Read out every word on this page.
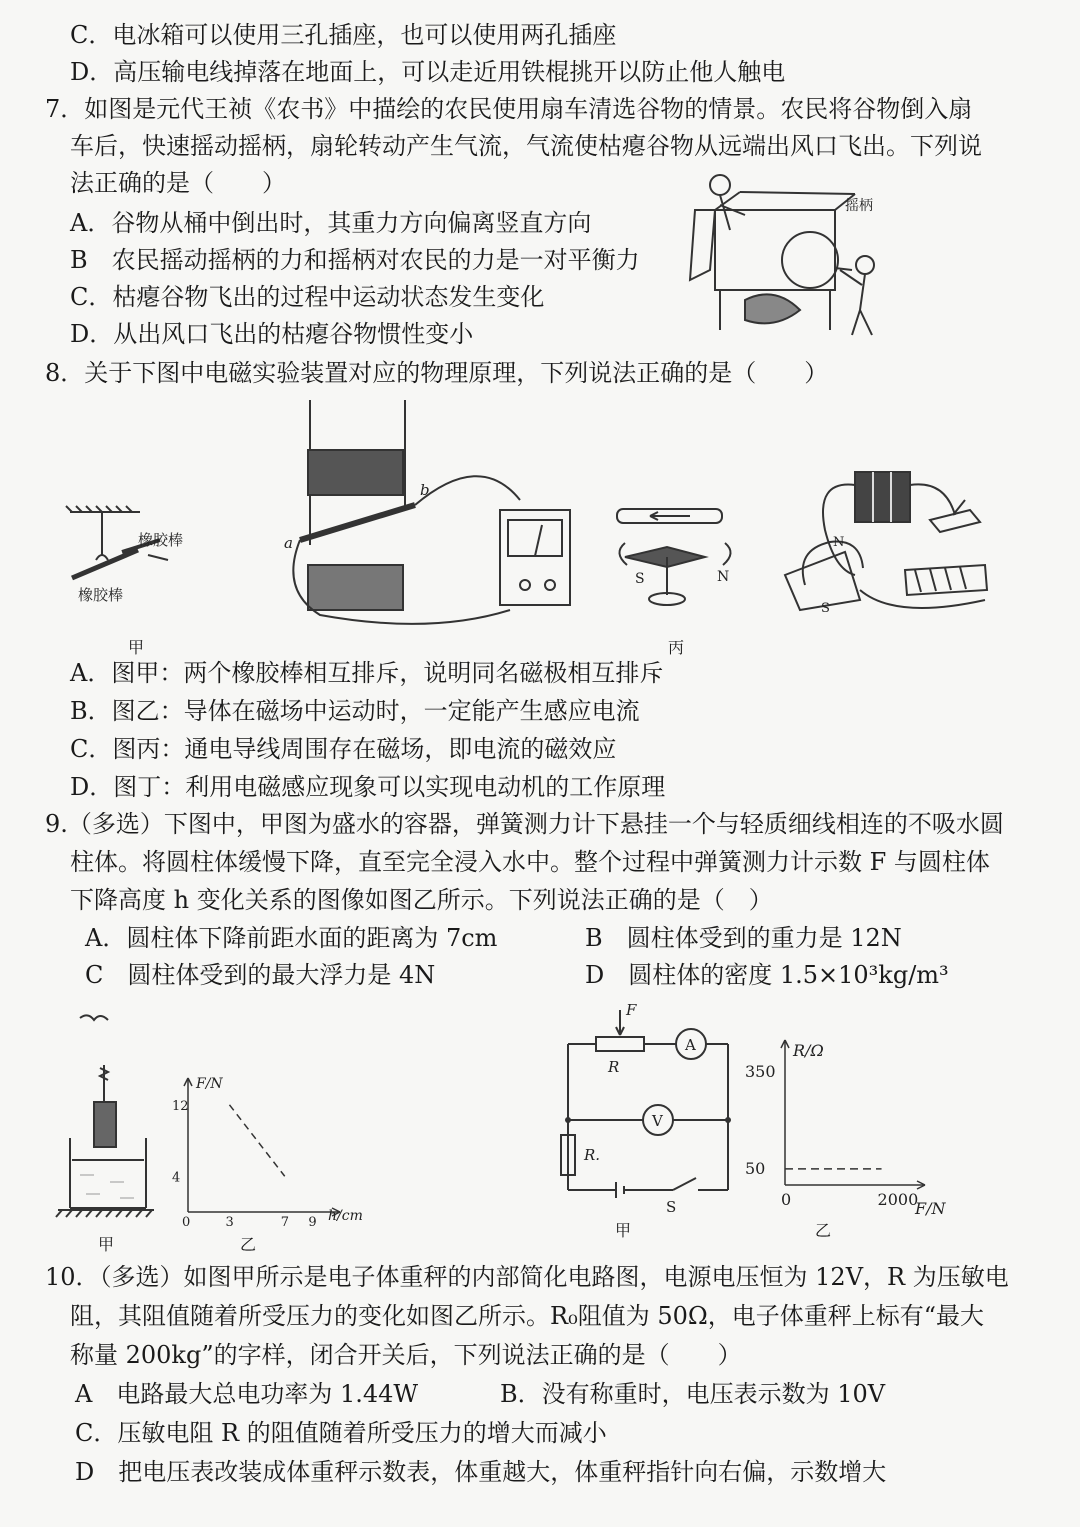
C．电冰箱可以使用三孔插座，也可以使用两孔插座
D．高压输电线掉落在地面上，可以走近用铁棍挑开以防止他人触电
7．如图是元代王祯《农书》中描绘的农民使用扇车清选谷物的情景。农民将谷物倒入扇
车后，快速摇动摇柄，扇轮转动产生气流，气流使枯瘪谷物从远端出风口飞出。下列说
法正确的是（　　）
A．谷物从桶中倒出时，其重力方向偏离竖直方向
B　农民摇动摇柄的力和摇柄对农民的力是一对平衡力
C．枯瘪谷物飞出的过程中运动状态发生变化
D．从出风口飞出的枯瘪谷物惯性变小
摇柄
8．关于下图中电磁实验装置对应的物理原理，下列说法正确的是（　　）
橡胶棒
橡胶棒
甲
a
b
S	N
丙
N
S
A．图甲：两个橡胶棒相互排斥，说明同名磁极相互排斥
B．图乙：导体在磁场中运动时，一定能产生感应电流
C．图丙：通电导线周围存在磁场，即电流的磁效应
D．图丁：利用电磁感应现象可以实现电动机的工作原理
9.（多选）下图中，甲图为盛水的容器，弹簧测力计下悬挂一个与轻质细线相连的不吸水圆
柱体。将圆柱体缓慢下降，直至完全浸入水中。整个过程中弹簧测力计示数 F 与圆柱体
下降高度 h 变化关系的图像如图乙所示。下列说法正确的是（　）
A．圆柱体下降前距水面的距离为 7cm	B　圆柱体受到的重力是 12N
C　圆柱体受到的最大浮力是 4N	D　圆柱体的密度 1.5×10³kg/m³
甲
0	3	7 9
4
12
F/N
h/cm
乙
F
R
R.
A
V
S
甲
0	2000
50
350
R/Ω
F/N
乙
10．（多选）如图甲所示是电子体重秤的内部简化电路图，电源电压恒为 12V，R 为压敏电
阻，其阻值随着所受压力的变化如图乙所示。R₀阻值为 50Ω，电子体重秤上标有“最大
称量 200kg”的字样，闭合开关后，下列说法正确的是（　　）
A　电路最大总电功率为 1.44W	B．没有称重时，电压表示数为 10V
C．压敏电阻 R 的阻值随着所受压力的增大而减小
D　把电压表改装成体重秤示数表，体重越大，体重秤指针向右偏，示数增大
